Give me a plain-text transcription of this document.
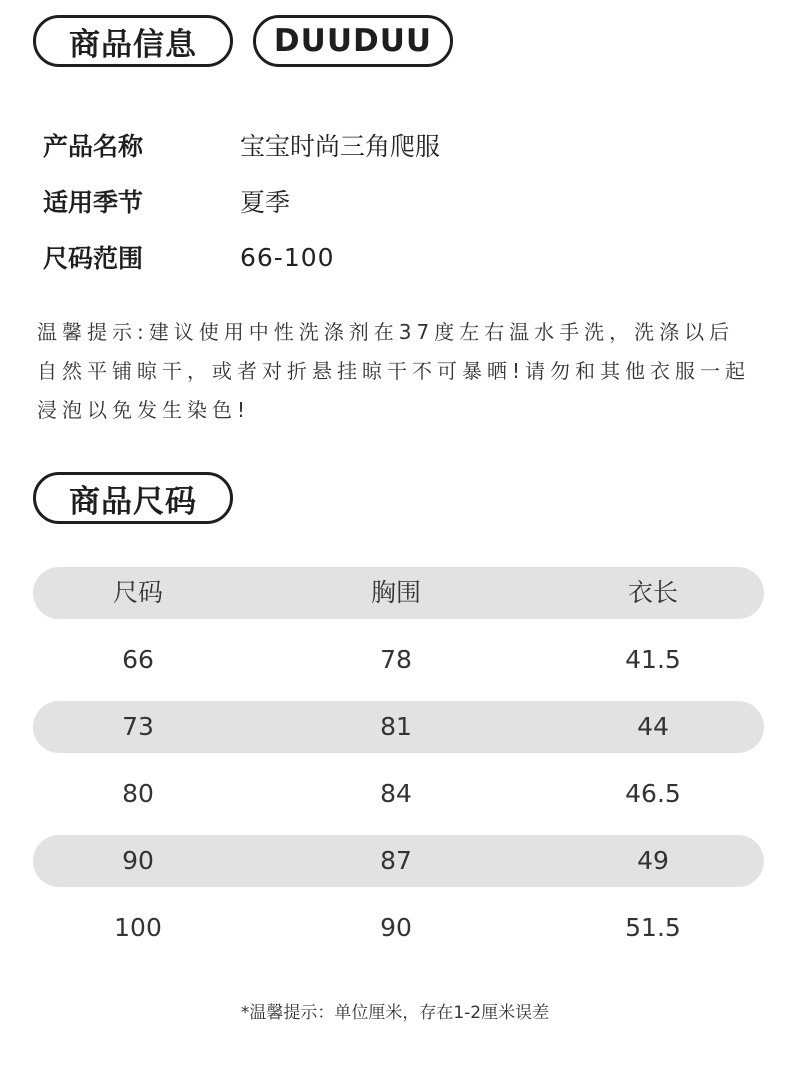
商品信息	DUUDUU
产品名称	宝宝时尚三角爬服
适用季节	夏季
尺码范围	66-100
温馨提示:建议使用中性洗涤剂在37度左右温水手洗，洗涤以后自然平铺晾干，或者对折悬挂晾干不可暴晒!请勿和其他衣服一起浸泡以免发生染色!
商品尺码
尺码	胸围	衣长
66	78	41.5
73	81	44
80	84	46.5
90	87	49
100	90	51.5
*温馨提示：单位厘米，存在1-2厘米误差
